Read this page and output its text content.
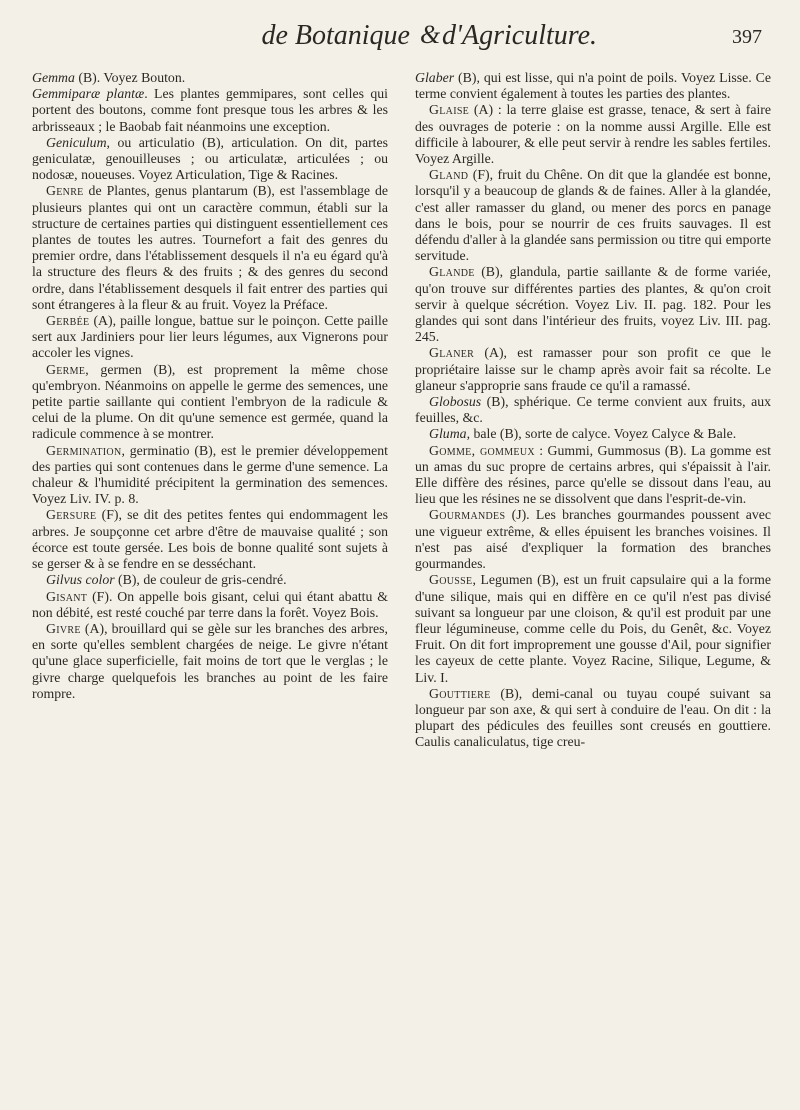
de Botanique & d'Agriculture.	397

Gemma (B). Voyez Bouton.

Gemmiparæ plantæ. Les plantes gemmipares, sont celles qui portent des boutons, comme font presque tous les arbres & les arbrisseaux ; le Baobab fait néanmoins une exception.

Geniculum, ou articulatio (B), articulation. On dit, partes geniculatæ, genouilleuses ; ou articulatæ, articulées ; ou nodosæ, noueuses. Voyez Articulation, Tige & Racines.

Genre de Plantes, genus plantarum (B), est l'assemblage de plusieurs plantes qui ont un caractère commun, établi sur la structure de certaines parties qui distinguent essentiellement ces plantes de toutes les autres. Tournefort a fait des genres du premier ordre, dans l'établissement desquels il n'a eu égard qu'à la structure des fleurs & des fruits ; & des genres du second ordre, dans l'établissement desquels il fait entrer des parties qui sont étrangeres à la fleur & au fruit. Voyez la Préface.

Gerbée (A), paille longue, battue sur le poinçon. Cette paille sert aux Jardiniers pour lier leurs légumes, aux Vignerons pour accoler les vignes.

Germe, germen (B), est proprement la même chose qu'embryon. Néanmoins on appelle le germe des semences, une petite partie saillante qui contient l'embryon de la radicule & celui de la plume. On dit qu'une semence est germée, quand la radicule commence à se montrer.

Germination, germinatio (B), est le premier développement des parties qui sont contenues dans le germe d'une semence. La chaleur & l'humidité précipitent la germination des semences. Voyez Liv. IV. p. 8.

Gersure (F), se dit des petites fentes qui endommagent les arbres. Je soupçonne cet arbre d'être de mauvaise qualité ; son écorce est toute gersée. Les bois de bonne qualité sont sujets à se gerser & à se fendre en se desséchant.

Gilvus color (B), de couleur de gris-cendré.

Gisant (F). On appelle bois gisant, celui qui étant abattu & non débité, est resté couché par terre dans la forêt. Voyez Bois.

Givre (A), brouillard qui se gèle sur les branches des arbres, en sorte qu'elles semblent chargées de neige. Le givre n'étant qu'une glace superficielle, fait moins de tort que le verglas ; le givre charge quelquefois les branches au point de les faire rompre.

Glaber (B), qui est lisse, qui n'a point de poils. Voyez Lisse. Ce terme convient également à toutes les parties des plantes.

Glaise (A) : la terre glaise est grasse, tenace, & sert à faire des ouvrages de poterie : on la nomme aussi Argille. Elle est difficile à labourer, & elle peut servir à rendre les sables fertiles. Voyez Argille.

Gland (F), fruit du Chêne. On dit que la glandée est bonne, lorsqu'il y a beaucoup de glands & de faines. Aller à la glandée, c'est aller ramasser du gland, ou mener des porcs en panage dans le bois, pour se nourrir de ces fruits sauvages. Il est défendu d'aller à la glandée sans permission ou titre qui emporte servitude.

Glande (B), glandula, partie saillante & de forme variée, qu'on trouve sur différentes parties des plantes, & qu'on croit servir à quelque sécrétion. Voyez Liv. II. pag. 182. Pour les glandes qui sont dans l'intérieur des fruits, voyez Liv. III. pag. 245.

Glaner (A), est ramasser pour son profit ce que le propriétaire laisse sur le champ après avoir fait sa récolte. Le glaneur s'approprie sans fraude ce qu'il a ramassé.

Globosus (B), sphérique. Ce terme convient aux fruits, aux feuilles, &c.

Gluma, bale (B), sorte de calyce. Voyez Calyce & Bale.

Gomme, gommeux : Gummi, Gummosus (B). La gomme est un amas du suc propre de certains arbres, qui s'épaissit à l'air. Elle diffère des résines, parce qu'elle se dissout dans l'eau, au lieu que les résines ne se dissolvent que dans l'esprit-de-vin.

Gourmandes (J). Les branches gourmandes poussent avec une vigueur extrême, & elles épuisent les branches voisines. Il n'est pas aisé d'expliquer la formation des branches gourmandes.

Gousse, Legumen (B), est un fruit capsulaire qui a la forme d'une silique, mais qui en diffère en ce qu'il n'est pas divisé suivant sa longueur par une cloison, & qu'il est produit par une fleur légumineuse, comme celle du Pois, du Genêt, &c. Voyez Fruit. On dit fort improprement une gousse d'Ail, pour signifier les cayeux de cette plante. Voyez Racine, Silique, Legume, & Liv. I.

Gouttiere (B), demi-canal ou tuyau coupé suivant sa longueur par son axe, & qui sert à conduire de l'eau. On dit : la plupart des pédicules des feuilles sont creusés en gouttiere. Caulis canaliculatus, tige creu-
